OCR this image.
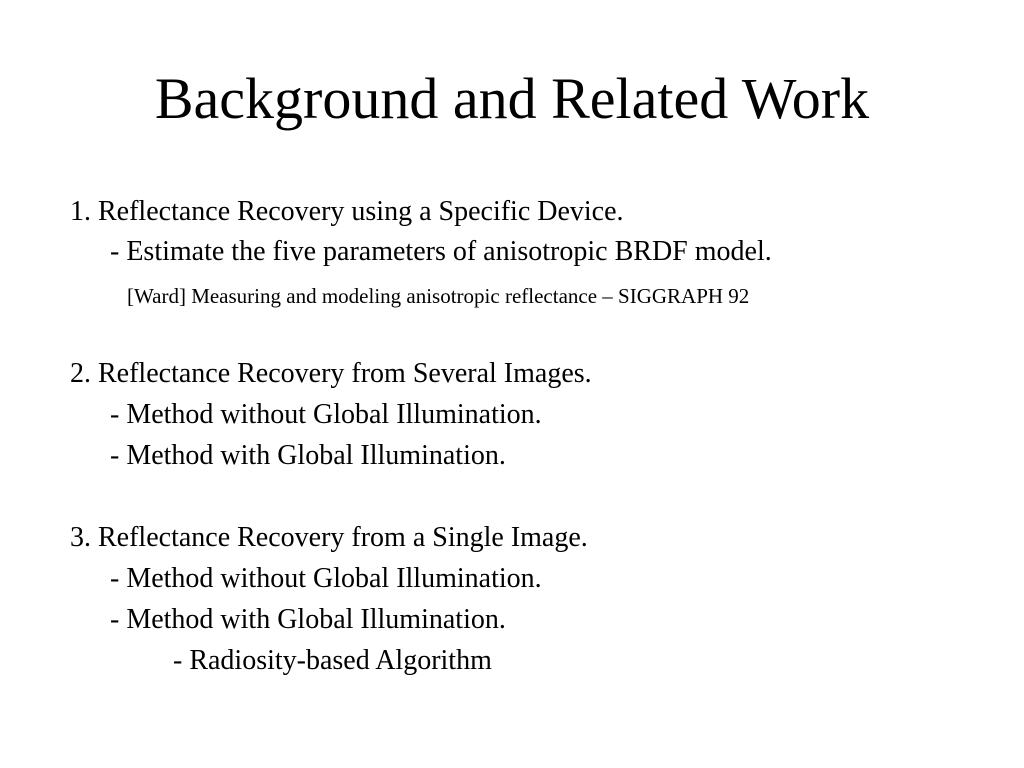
Background and Related Work
1. Reflectance Recovery using a Specific Device.
- Estimate the five parameters of anisotropic BRDF model.
[Ward] Measuring and modeling anisotropic reflectance – SIGGRAPH 92
2. Reflectance Recovery from Several Images.
- Method without Global Illumination.
- Method with Global Illumination.
3. Reflectance Recovery from a Single Image.
- Method without Global Illumination.
- Method with Global Illumination.
- Radiosity-based Algorithm
